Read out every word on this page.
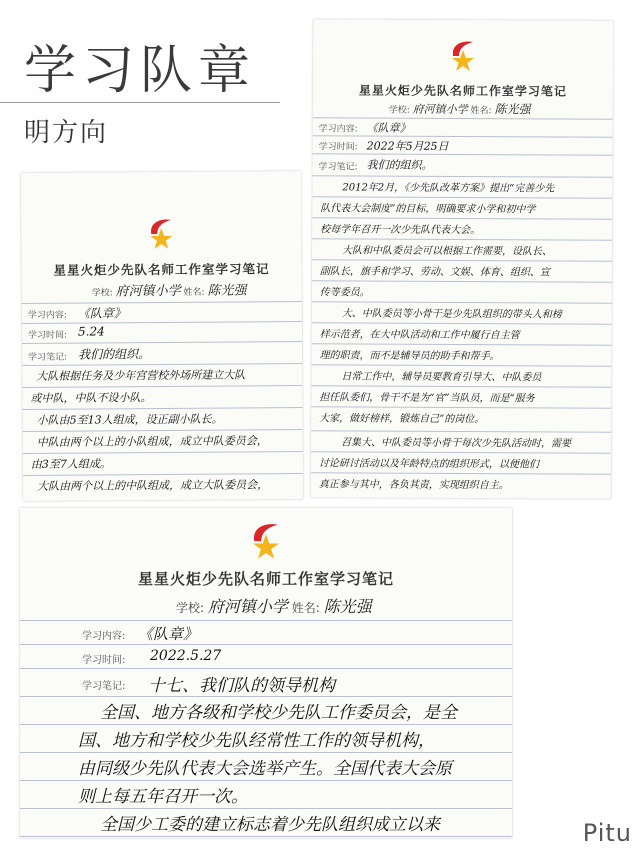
学习队章
明方向
星星火炬少先队名师工作室学习笔记
学校: 府河镇小学 姓名: 陈光强
学习内容: 《队章》
学习时间: 5.24
学习笔记: 我们的组织。
大队根据任务及少年宫营校外场所建立大队
或中队，中队不设小队。
小队由5至13人组成，设正副小队长。
中队由两个以上的小队组成，成立中队委员会，
由3至7人组成。
大队由两个以上的中队组成，成立大队委员会，
星星火炬少先队名师工作室学习笔记
学校: 府河镇小学 姓名: 陈光强
学习内容: 《队章》
学习时间: 2022年5月25日
学习笔记: 我们的组织。
2012年2月，《少先队改革方案》提出“完善少先
队代表大会制度”的目标，明确要求小学和初中学
校每学年召开一次少先队代表大会。
大队和中队委员会可以根据工作需要，设队长、
副队长，旗手和学习、劳动、文娱、体育、组织、宣
传等委员。
大、中队委员等小骨干是少先队组织的带头人和榜
样示范者，在大中队活动和工作中履行自主管
理的职责，而不是辅导员的助手和帮手。
日常工作中，辅导员要教育引导大、中队委员
担任队委们，骨干不是为“官”当队员，而是“服务
大家，做好榜样，锻炼自己”的岗位。
召集大、中队委员等小骨干每次少先队活动时，需要
讨论研讨活动以及年龄特点的组织形式，以便他们
真正参与其中，各负其责，实现组织自主。
星星火炬少先队名师工作室学习笔记
学校: 府河镇小学 姓名: 陈光强
学习内容: 《队章》
学习时间: 2022.5.27
学习笔记: 十七、我们队的领导机构
全国、地方各级和学校少先队工作委员会，是全
国、地方和学校少先队经常性工作的领导机构，
由同级少先队代表大会选举产生。全国代表大会原
则上每五年召开一次。
全国少工委的建立标志着少先队组织成立以来	Pitu
